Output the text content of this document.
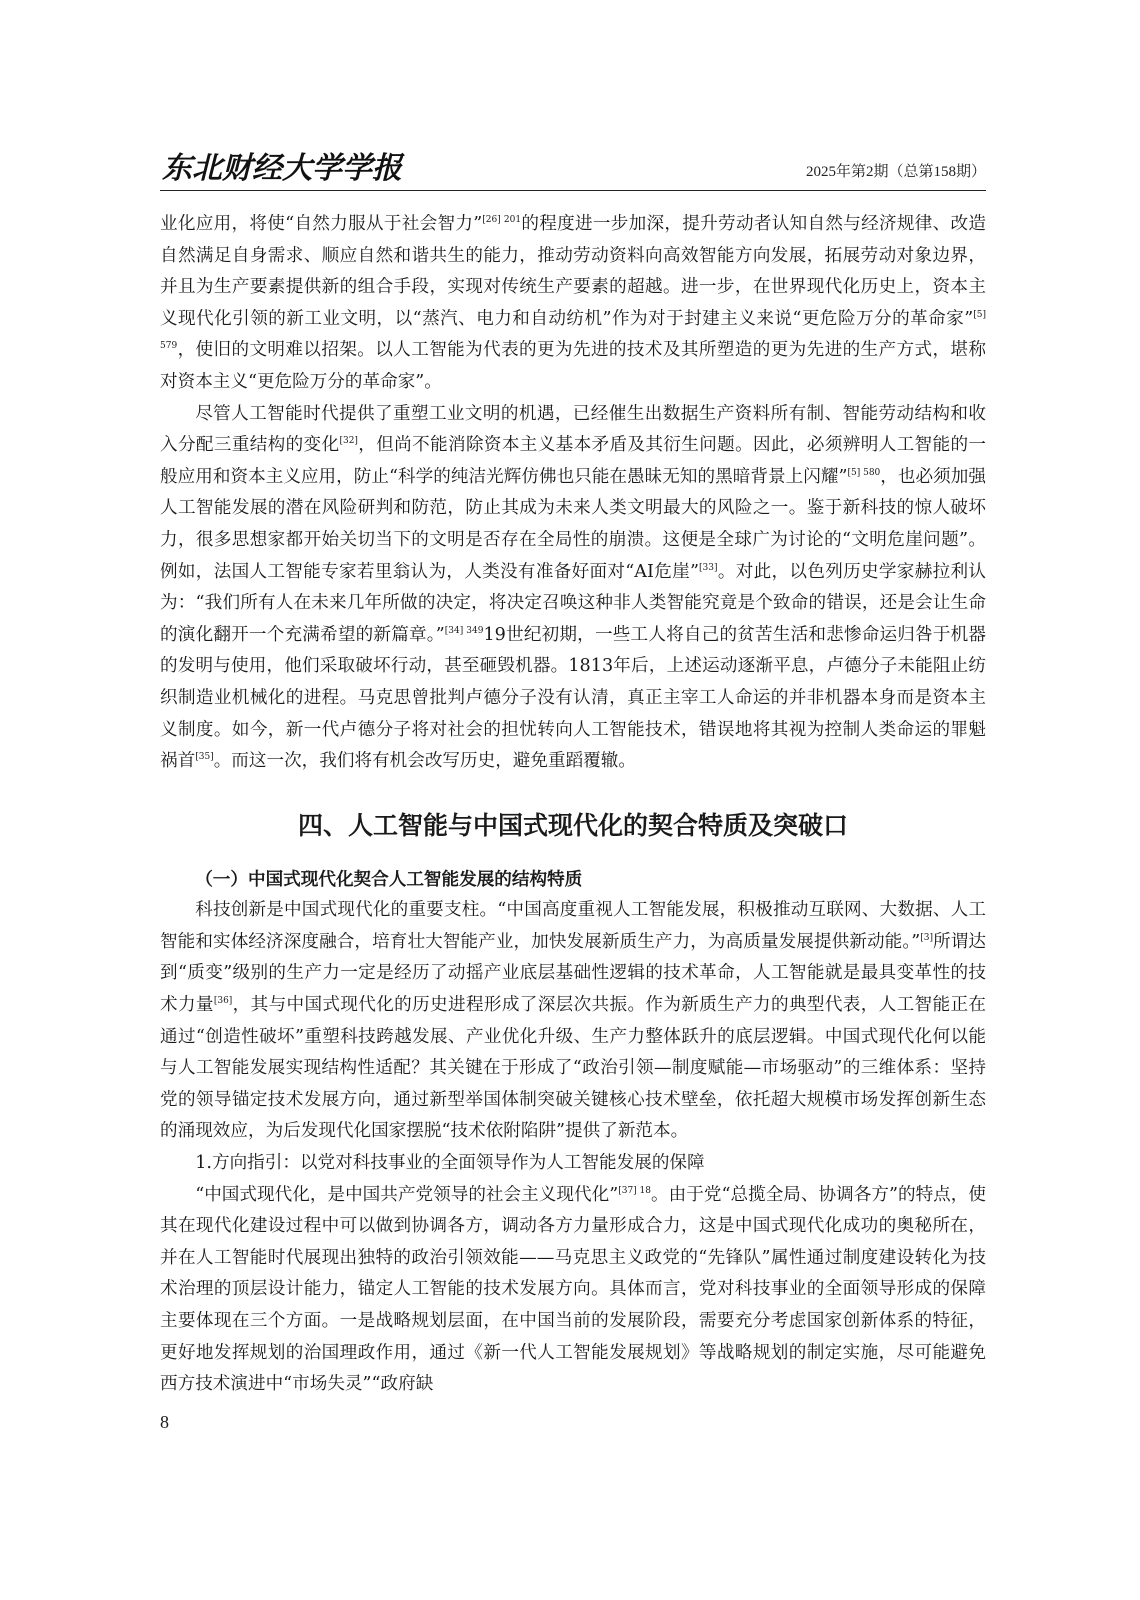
东北财经大学学报	2025年第2期（总第158期）

业化应用，将使“自然力服从于社会智力”$^{[26] 201}$的程度进一步加深，提升劳动者认知自然与经济规律、改造自然满足自身需求、顺应自然和谐共生的能力，推动劳动资料向高效智能方向发展，拓展劳动对象边界，并且为生产要素提供新的组合手段，实现对传统生产要素的超越。进一步，在世界现代化历史上，资本主义现代化引领的新工业文明，以“蒸汽、电力和自动纺机”作为对于封建主义来说“更危险万分的革命家”$^{[5] 579}$，使旧的文明难以招架。以人工智能为代表的更为先进的技术及其所塑造的更为先进的生产方式，堪称对资本主义“更危险万分的革命家”。

尽管人工智能时代提供了重塑工业文明的机遇，已经催生出数据生产资料所有制、智能劳动结构和收入分配三重结构的变化[32]，但尚不能消除资本主义基本矛盾及其衍生问题。因此，必须辨明人工智能的一般应用和资本主义应用，防止“科学的纯洁光辉仿佛也只能在愚昧无知的黑暗背景上闪耀”$^{[5] 580}$，也必须加强人工智能发展的潜在风险研判和防范，防止其成为未来人类文明最大的风险之一。鉴于新科技的惊人破坏力，很多思想家都开始关切当下的文明是否存在全局性的崩溃。这便是全球广为讨论的“文明危崖问题”。例如，法国人工智能专家若里翁认为，人类没有准备好面对“AI危崖”[33]。对此，以色列历史学家赫拉利认为：“我们所有人在未来几年所做的决定，将决定召唤这种非人类智能究竟是个致命的错误，还是会让生命的演化翻开一个充满希望的新篇章。”$^{[34] 349}$19世纪初期，一些工人将自己的贫苦生活和悲惨命运归咎于机器的发明与使用，他们采取破坏行动，甚至砸毁机器。1813年后，上述运动逐渐平息，卢德分子未能阻止纺织制造业机械化的进程。马克思曾批判卢德分子没有认清，真正主宰工人命运的并非机器本身而是资本主义制度。如今，新一代卢德分子将对社会的担忧转向人工智能技术，错误地将其视为控制人类命运的罪魁祸首[35]。而这一次，我们将有机会改写历史，避免重蹈覆辙。

四、人工智能与中国式现代化的契合特质及突破口

（一）中国式现代化契合人工智能发展的结构特质

科技创新是中国式现代化的重要支柱。“中国高度重视人工智能发展，积极推动互联网、大数据、人工智能和实体经济深度融合，培育壮大智能产业，加快发展新质生产力，为高质量发展提供新动能。”[3]所谓达到“质变”级别的生产力一定是经历了动摇产业底层基础性逻辑的技术革命，人工智能就是最具变革性的技术力量[36]，其与中国式现代化的历史进程形成了深层次共振。作为新质生产力的典型代表，人工智能正在通过“创造性破坏”重塑科技跨越发展、产业优化升级、生产力整体跃升的底层逻辑。中国式现代化何以能与人工智能发展实现结构性适配？其关键在于形成了“政治引领—制度赋能—市场驱动”的三维体系：坚持党的领导锚定技术发展方向，通过新型举国体制突破关键核心技术壁垒，依托超大规模市场发挥创新生态的涌现效应，为后发现代化国家摆脱“技术依附陷阱”提供了新范本。

1.方向指引：以党对科技事业的全面领导作为人工智能发展的保障

“中国式现代化，是中国共产党领导的社会主义现代化”$^{[37] 18}$。由于党“总揽全局、协调各方”的特点，使其在现代化建设过程中可以做到协调各方，调动各方力量形成合力，这是中国式现代化成功的奥秘所在，并在人工智能时代展现出独特的政治引领效能——马克思主义政党的“先锋队”属性通过制度建设转化为技术治理的顶层设计能力，锚定人工智能的技术发展方向。具体而言，党对科技事业的全面领导形成的保障主要体现在三个方面。一是战略规划层面，在中国当前的发展阶段，需要充分考虑国家创新体系的特征，更好地发挥规划的治国理政作用，通过《新一代人工智能发展规划》等战略规划的制定实施，尽可能避免西方技术演进中“市场失灵”“政府缺

8
